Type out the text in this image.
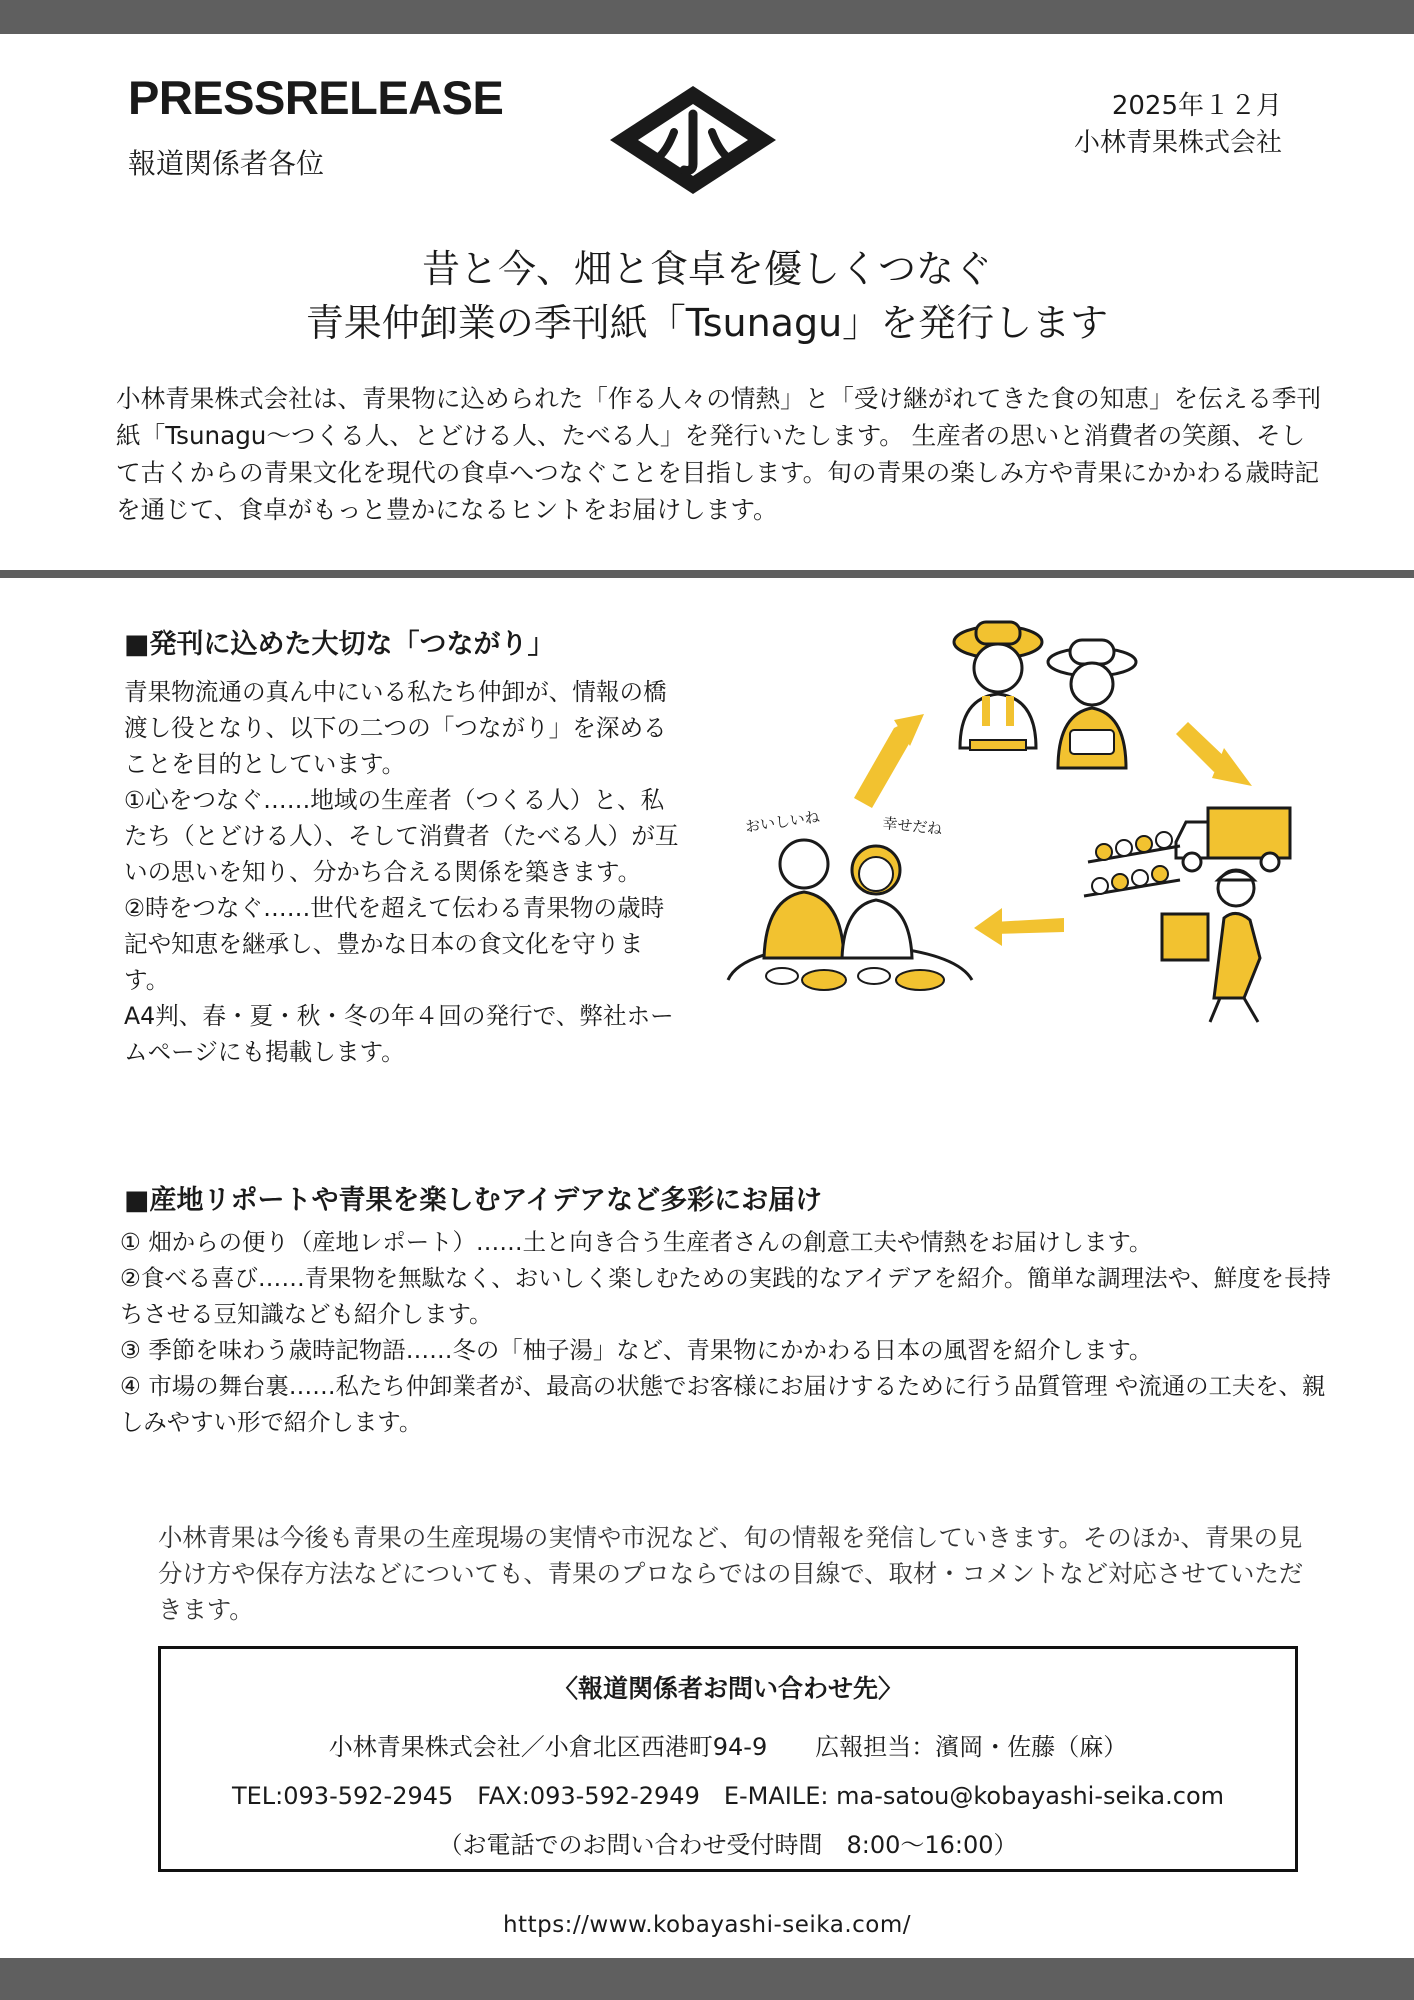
PRESSRELEASE
報道関係者各位
2025年１２月
小林青果株式会社
昔と今、畑と食卓を優しくつなぐ
青果仲卸業の季刊紙「Tsunagu」を発行します

小林青果株式会社は、青果物に込められた「作る人々の情熱」と「受け継がれてきた食の知恵」を伝える季刊紙「Tsunagu～つくる人、とどける人、たべる人」を発行いたします。 生産者の思いと消費者の笑顔、そして古くからの青果文化を現代の食卓へつなぐことを目指します。旬の青果の楽しみ方や青果にかかわる歳時記を通じて、食卓がもっと豊かになるヒントをお届けします。

■発刊に込めた大切な「つながり」

青果物流通の真ん中にいる私たち仲卸が、情報の橋渡し役となり、以下の二つの「つながり」を深めることを目的としています。

①心をつなぐ……地域の生産者（つくる人）と、私たち（とどける人）、そして消費者（たべる人）が互いの思いを知り、分かち合える関係を築きます。

②時をつなぐ……世代を超えて伝わる青果物の歳時記や知恵を継承し、豊かな日本の食文化を守ります。

A4判、春・夏・秋・冬の年４回の発行で、弊社ホームページにも掲載します。

おいしいね	幸せだね
■産地リポートや青果を楽しむアイデアなど多彩にお届け

① 畑からの便り（産地レポート）……土と向き合う生産者さんの創意工夫や情熱をお届けします。

②食べる喜び……青果物を無駄なく、おいしく楽しむための実践的なアイデアを紹介。簡単な調理法や、鮮度を長持ちさせる豆知識なども紹介します。

③ 季節を味わう歳時記物語……冬の「柚子湯」など、青果物にかかわる日本の風習を紹介します。

④ 市場の舞台裏‥‥‥私たち仲卸業者が、最高の状態でお客様にお届けするために行う品質管理 や流通の工夫を、親しみやすい形で紹介します。

小林青果は今後も青果の生産現場の実情や市況など、旬の情報を発信していきます。そのほか、青果の見分け方や保存方法などについても、青果のプロならではの目線で、取材・コメントなど対応させていただきます。

〈報道関係者お問い合わせ先〉
小林青果株式会社／小倉北区西港町94-9　　広報担当：濱岡・佐藤（麻）
TEL:093-592-2945　FAX:093-592-2949　E-MAILE: ma-satou@kobayashi-seika.com
（お電話でのお問い合わせ受付時間　8:00～16:00）
https://www.kobayashi-seika.com/
